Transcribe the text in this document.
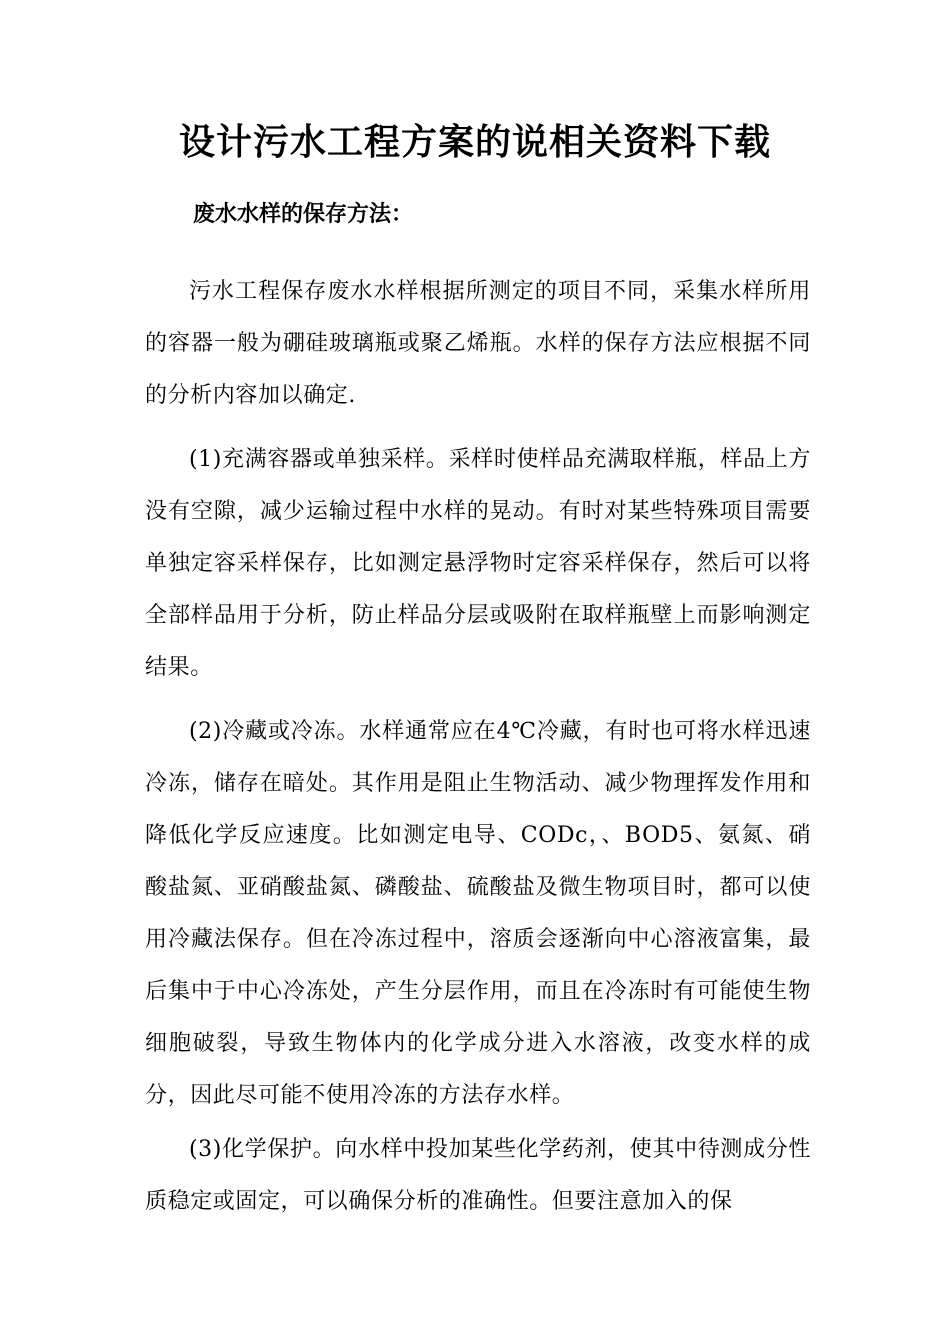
设计污水工程方案的说相关资料下载
废水水样的保存方法：

污水工程保存废水水样根据所测定的项目不同，采集水样所用的容器一般为硼硅玻璃瓶或聚乙烯瓶。水样的保存方法应根据不同的分析内容加以确定.

(1)充满容器或单独采样。采样时使样品充满取样瓶，样品上方没有空隙，减少运输过程中水样的晃动。有时对某些特殊项目需要单独定容采样保存，比如测定悬浮物时定容采样保存，然后可以将全部样品用于分析，防止样品分层或吸附在取样瓶壁上而影响测定结果。

(2)冷藏或冷冻。水样通常应在4℃冷藏，有时也可将水样迅速冷冻，储存在暗处。其作用是阻止生物活动、减少物理挥发作用和降低化学反应速度。比如测定电导、CODc，、BOD5、氨氮、硝酸盐氮、亚硝酸盐氮、磷酸盐、硫酸盐及微生物项目时，都可以使用冷藏法保存。但在冷冻过程中，溶质会逐渐向中心溶液富集，最后集中于中心冷冻处，产生分层作用，而且在冷冻时有可能使生物细胞破裂，导致生物体内的化学成分进入水溶液，改变水样的成分，因此尽可能不使用冷冻的方法存水样。

(3)化学保护。向水样中投加某些化学药剂，使其中待测成分性质稳定或固定，可以确保分析的准确性。但要注意加入的保
